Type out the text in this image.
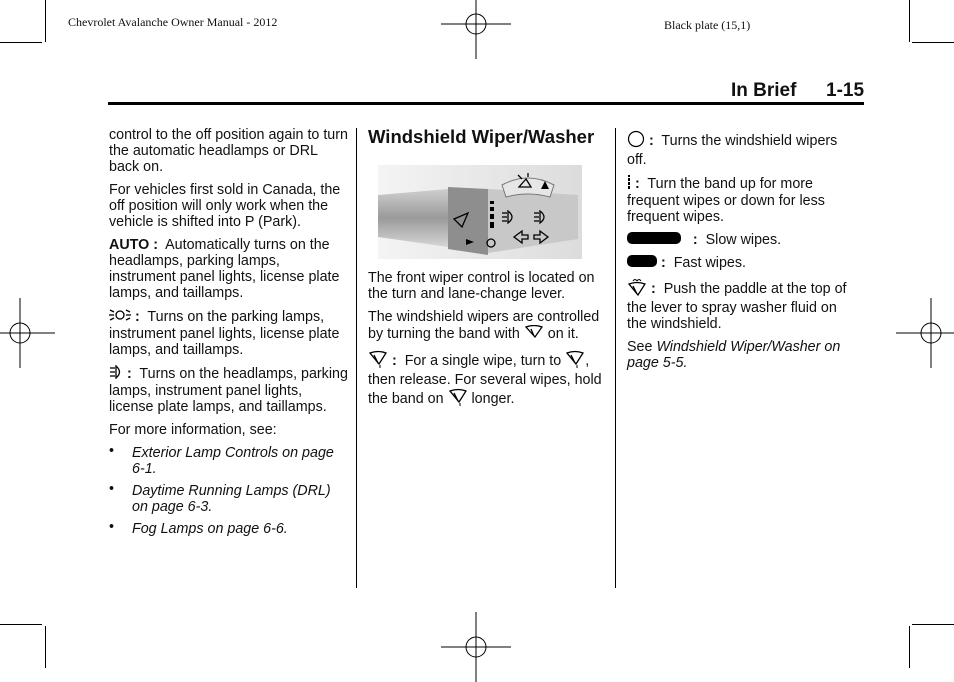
Chevrolet Avalanche Owner Manual - 2012	Black plate (15,1)
In Brief 1-15

control to the off position again to turn the automatic headlamps or DRL back on.

For vehicles first sold in Canada, the off position will only work when the vehicle is shifted into P (Park).

AUTO : Automatically turns on the headlamps, parking lamps, instrument panel lights, license plate lamps, and taillamps.

: Turns on the parking lamps, instrument panel lights, license plate lamps, and taillamps.

: Turns on the headlamps, parking lamps, instrument panel lights, license plate lamps, and taillamps.

For more information, see:

• Exterior Lamp Controls on page 6-1.
• Daytime Running Lamps (DRL) on page 6-3.
• Fog Lamps on page 6-6.
Windshield Wiper/Washer

The front wiper control is located on the turn and lane-change lever.

The windshield wipers are controlled by turning the band with on it.

: For a single wipe, turn to , then release. For several wipes, hold the band on longer.

: Turns the windshield wipers off.

: Turn the band up for more frequent wipes or down for less frequent wipes.

: Slow wipes.

: Fast wipes.

: Push the paddle at the top of the lever to spray washer fluid on the windshield.

See Windshield Wiper/Washer on page 5-5.
